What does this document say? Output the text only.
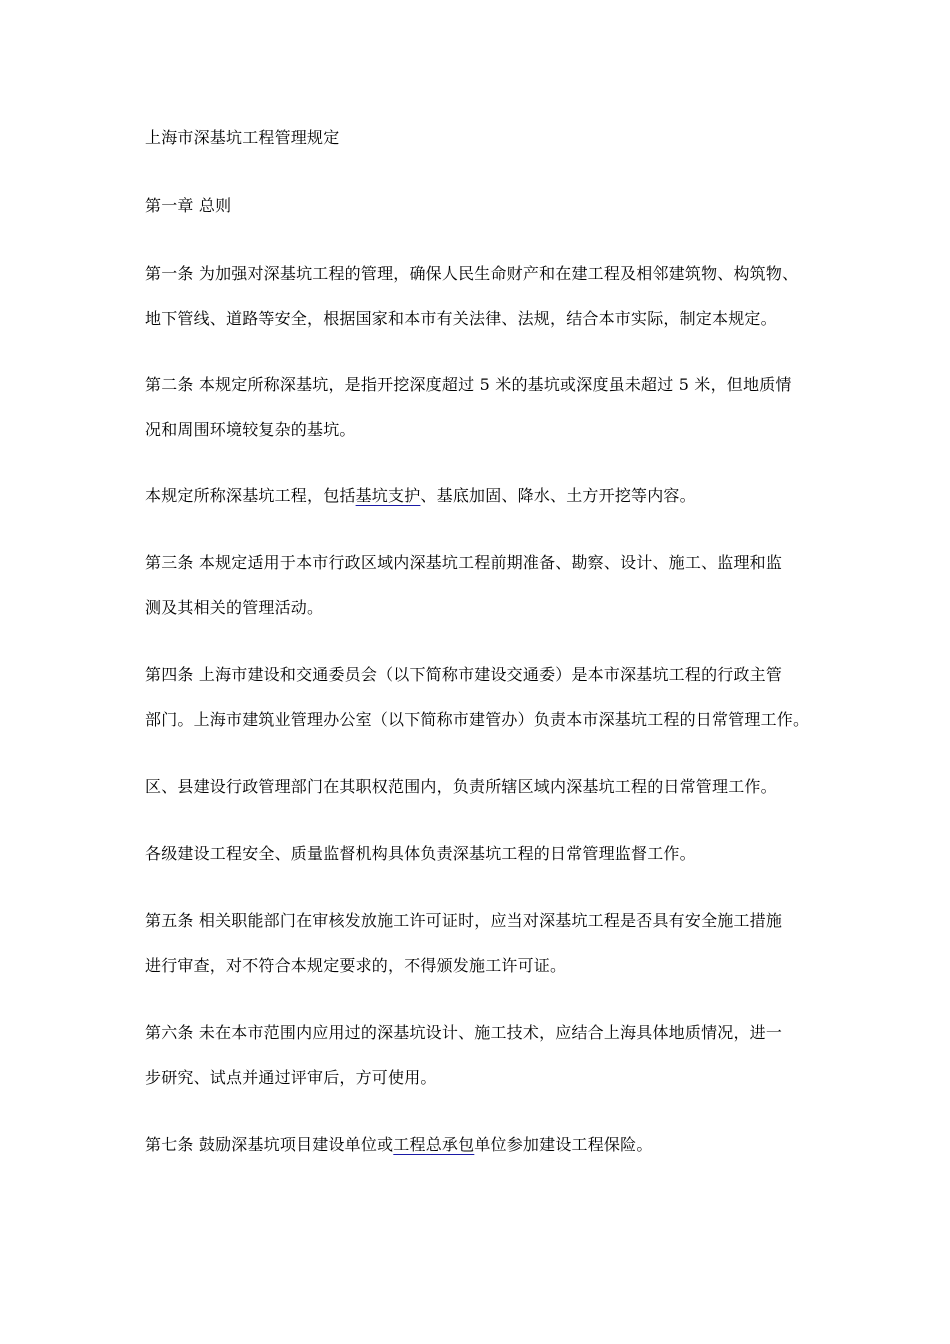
上海市深基坑工程管理规定
第一章 总则
第一条 为加强对深基坑工程的管理，确保人民生命财产和在建工程及相邻建筑物、构筑物、
地下管线、道路等安全，根据国家和本市有关法律、法规，结合本市实际，制定本规定。
第二条 本规定所称深基坑，是指开挖深度超过 5 米的基坑或深度虽未超过 5 米，但地质情
况和周围环境较复杂的基坑。
本规定所称深基坑工程，包括基坑支护、基底加固、降水、土方开挖等内容。
第三条 本规定适用于本市行政区域内深基坑工程前期准备、勘察、设计、施工、监理和监
测及其相关的管理活动。
第四条 上海市建设和交通委员会（以下简称市建设交通委）是本市深基坑工程的行政主管
部门。上海市建筑业管理办公室（以下简称市建管办）负责本市深基坑工程的日常管理工作。
区、县建设行政管理部门在其职权范围内，负责所辖区域内深基坑工程的日常管理工作。
各级建设工程安全、质量监督机构具体负责深基坑工程的日常管理监督工作。
第五条 相关职能部门在审核发放施工许可证时，应当对深基坑工程是否具有安全施工措施
进行审查，对不符合本规定要求的，不得颁发施工许可证。
第六条 未在本市范围内应用过的深基坑设计、施工技术，应结合上海具体地质情况，进一
步研究、试点并通过评审后，方可使用。
第七条 鼓励深基坑项目建设单位或工程总承包单位参加建设工程保险。
